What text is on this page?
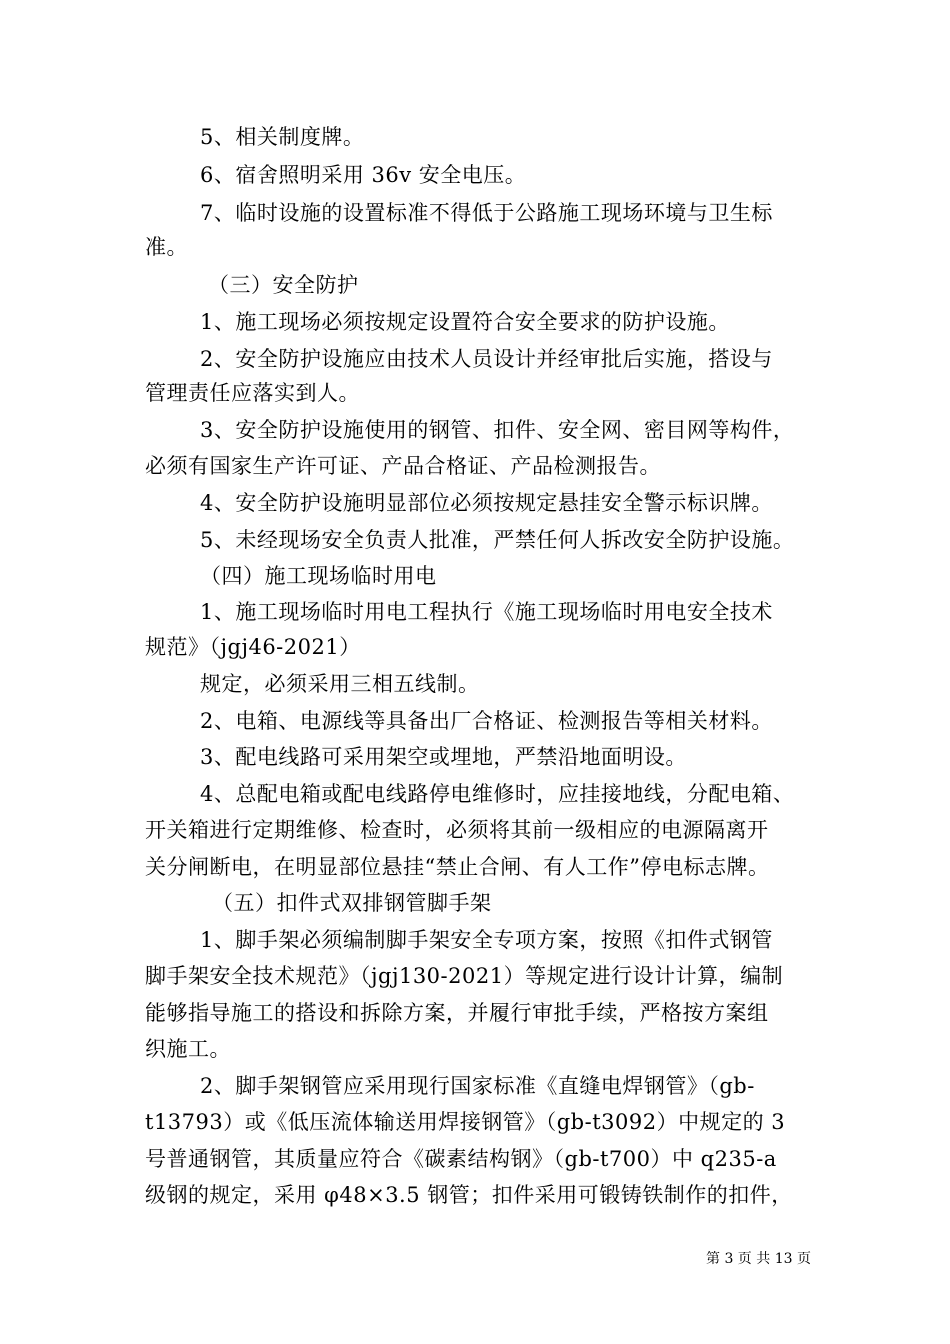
5、相关制度牌。
6、宿舍照明采用 36v 安全电压。
7、临时设施的设置标准不得低于公路施工现场环境与卫生标
准。
（三）安全防护
1、施工现场必须按规定设置符合安全要求的防护设施。
2、安全防护设施应由技术人员设计并经审批后实施，搭设与
管理责任应落实到人。
3、安全防护设施使用的钢管、扣件、安全网、密目网等构件，
必须有国家生产许可证、产品合格证、产品检测报告。
4、安全防护设施明显部位必须按规定悬挂安全警示标识牌。
5、未经现场安全负责人批准，严禁任何人拆改安全防护设施。
（四）施工现场临时用电
1、施工现场临时用电工程执行《施工现场临时用电安全技术
规范》（jgj46-2021）
规定，必须采用三相五线制。
2、电箱、电源线等具备出厂合格证、检测报告等相关材料。
3、配电线路可采用架空或埋地，严禁沿地面明设。
4、总配电箱或配电线路停电维修时，应挂接地线，分配电箱、
开关箱进行定期维修、检查时，必须将其前一级相应的电源隔离开
关分闸断电，在明显部位悬挂“禁止合闸、有人工作”停电标志牌。
（五）扣件式双排钢管脚手架
1、脚手架必须编制脚手架安全专项方案，按照《扣件式钢管
脚手架安全技术规范》（jgj130-2021）等规定进行设计计算，编制
能够指导施工的搭设和拆除方案，并履行审批手续，严格按方案组
织施工。
2、脚手架钢管应采用现行国家标准《直缝电焊钢管》（gb-
t13793）或《低压流体输送用焊接钢管》（gb-t3092）中规定的 3
号普通钢管，其质量应符合《碳素结构钢》（gb-t700）中 q235-a
级钢的规定，采用 φ48×3.5 钢管；扣件采用可锻铸铁制作的扣件，
第 3 页 共 13 页
